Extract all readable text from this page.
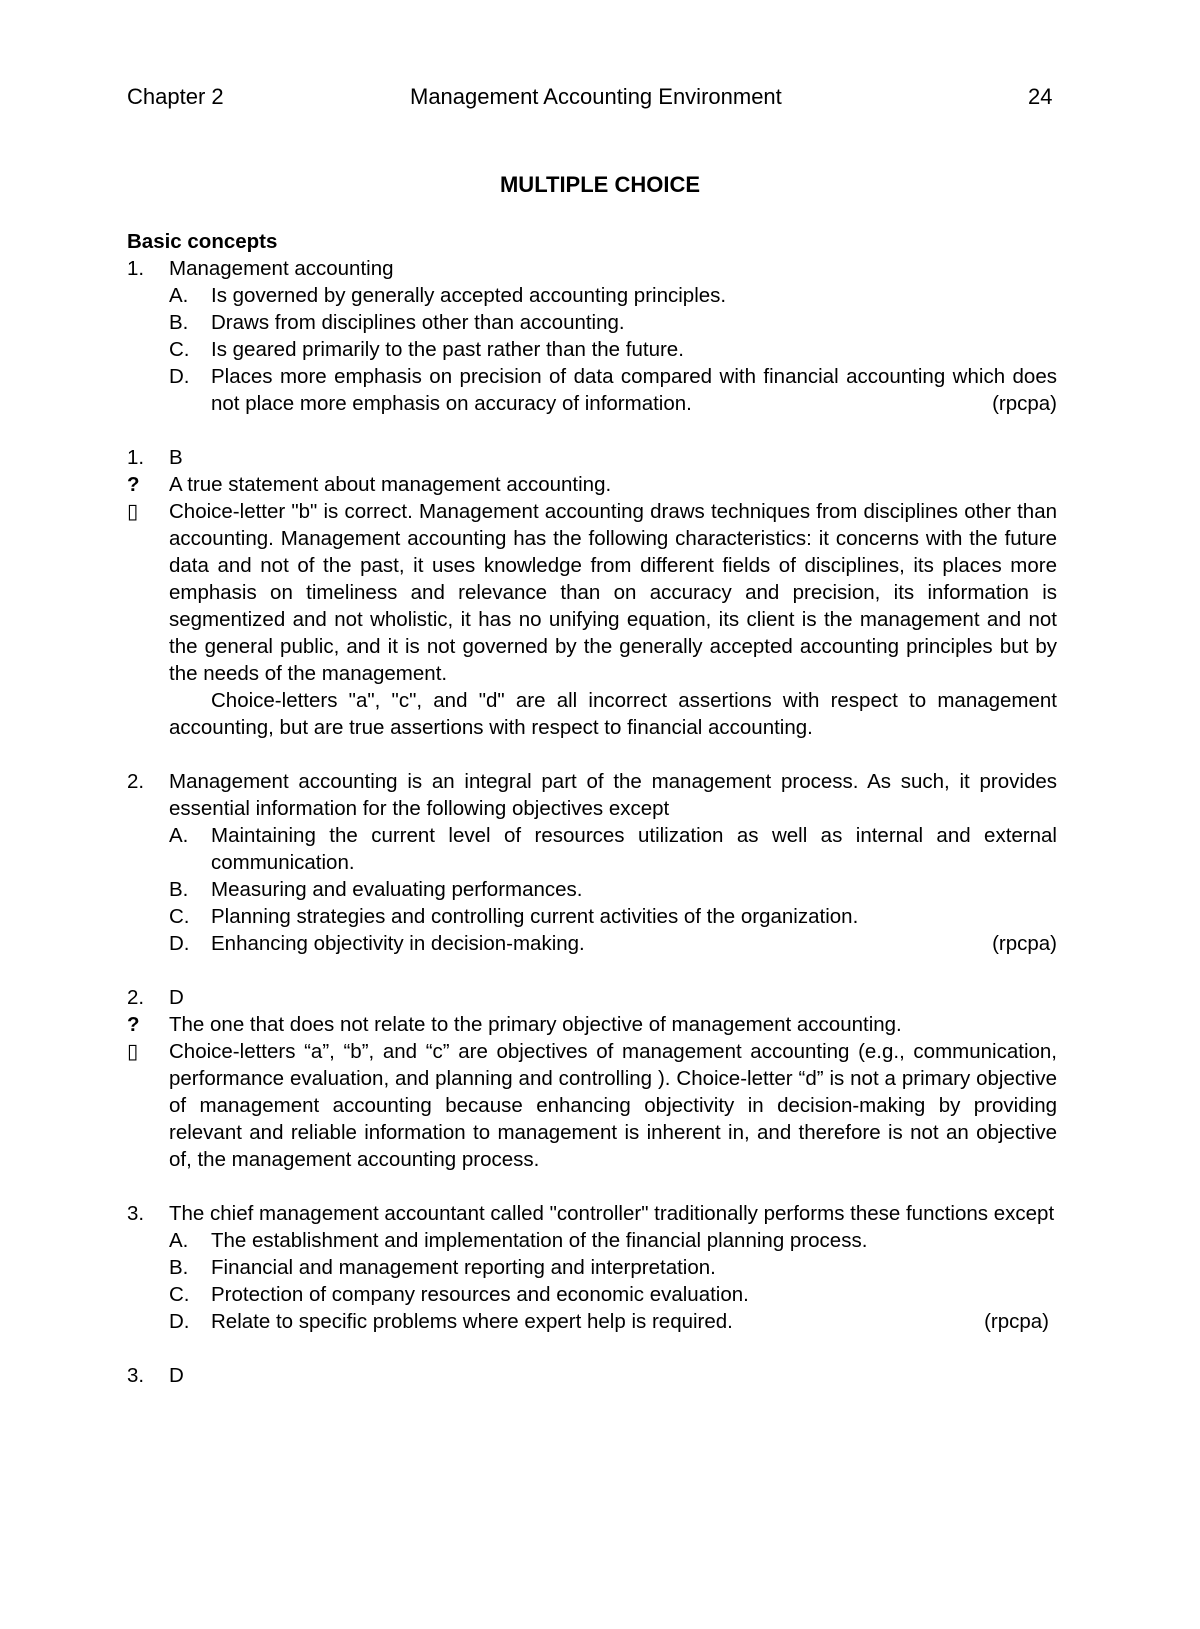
Chapter 2	Management Accounting Environment	24
MULTIPLE CHOICE
Basic concepts
1. Management accounting
A. Is governed by generally accepted accounting principles.
B. Draws from disciplines other than accounting.
C. Is geared primarily to the past rather than the future.
D. Places more emphasis on precision of data compared with financial accounting which does not place more emphasis on accuracy of information.	(rpcpa)
1. B
? A true statement about management accounting.
▯ Choice-letter "b" is correct. Management accounting draws techniques from disciplines other than accounting. Management accounting has the following characteristics: it concerns with the future data and not of the past, it uses knowledge from different fields of disciplines, its places more emphasis on timeliness and relevance than on accuracy and precision, its information is segmentized and not wholistic, it has no unifying equation, its client is the management and not the general public, and it is not governed by the generally accepted accounting principles but by the needs of the management.
Choice-letters "a", "c", and "d" are all incorrect assertions with respect to management accounting, but are true assertions with respect to financial accounting.
2. Management accounting is an integral part of the management process. As such, it provides essential information for the following objectives except
A. Maintaining the current level of resources utilization as well as internal and external communication.
B. Measuring and evaluating performances.
C. Planning strategies and controlling current activities of the organization.
D. Enhancing objectivity in decision-making.	(rpcpa)
2. D
? The one that does not relate to the primary objective of management accounting.
▯ Choice-letters “a”, “b”, and “c” are objectives of management accounting (e.g., communication, performance evaluation, and planning and controlling ). Choice-letter “d” is not a primary objective of management accounting because enhancing objectivity in decision-making by providing relevant and reliable information to management is inherent in, and therefore is not an objective of, the management accounting process.
3. The chief management accountant called "controller" traditionally performs these functions except
A. The establishment and implementation of the financial planning process.
B. Financial and management reporting and interpretation.
C. Protection of company resources and economic evaluation.
D. Relate to specific problems where expert help is required.	(rpcpa)
3. D
